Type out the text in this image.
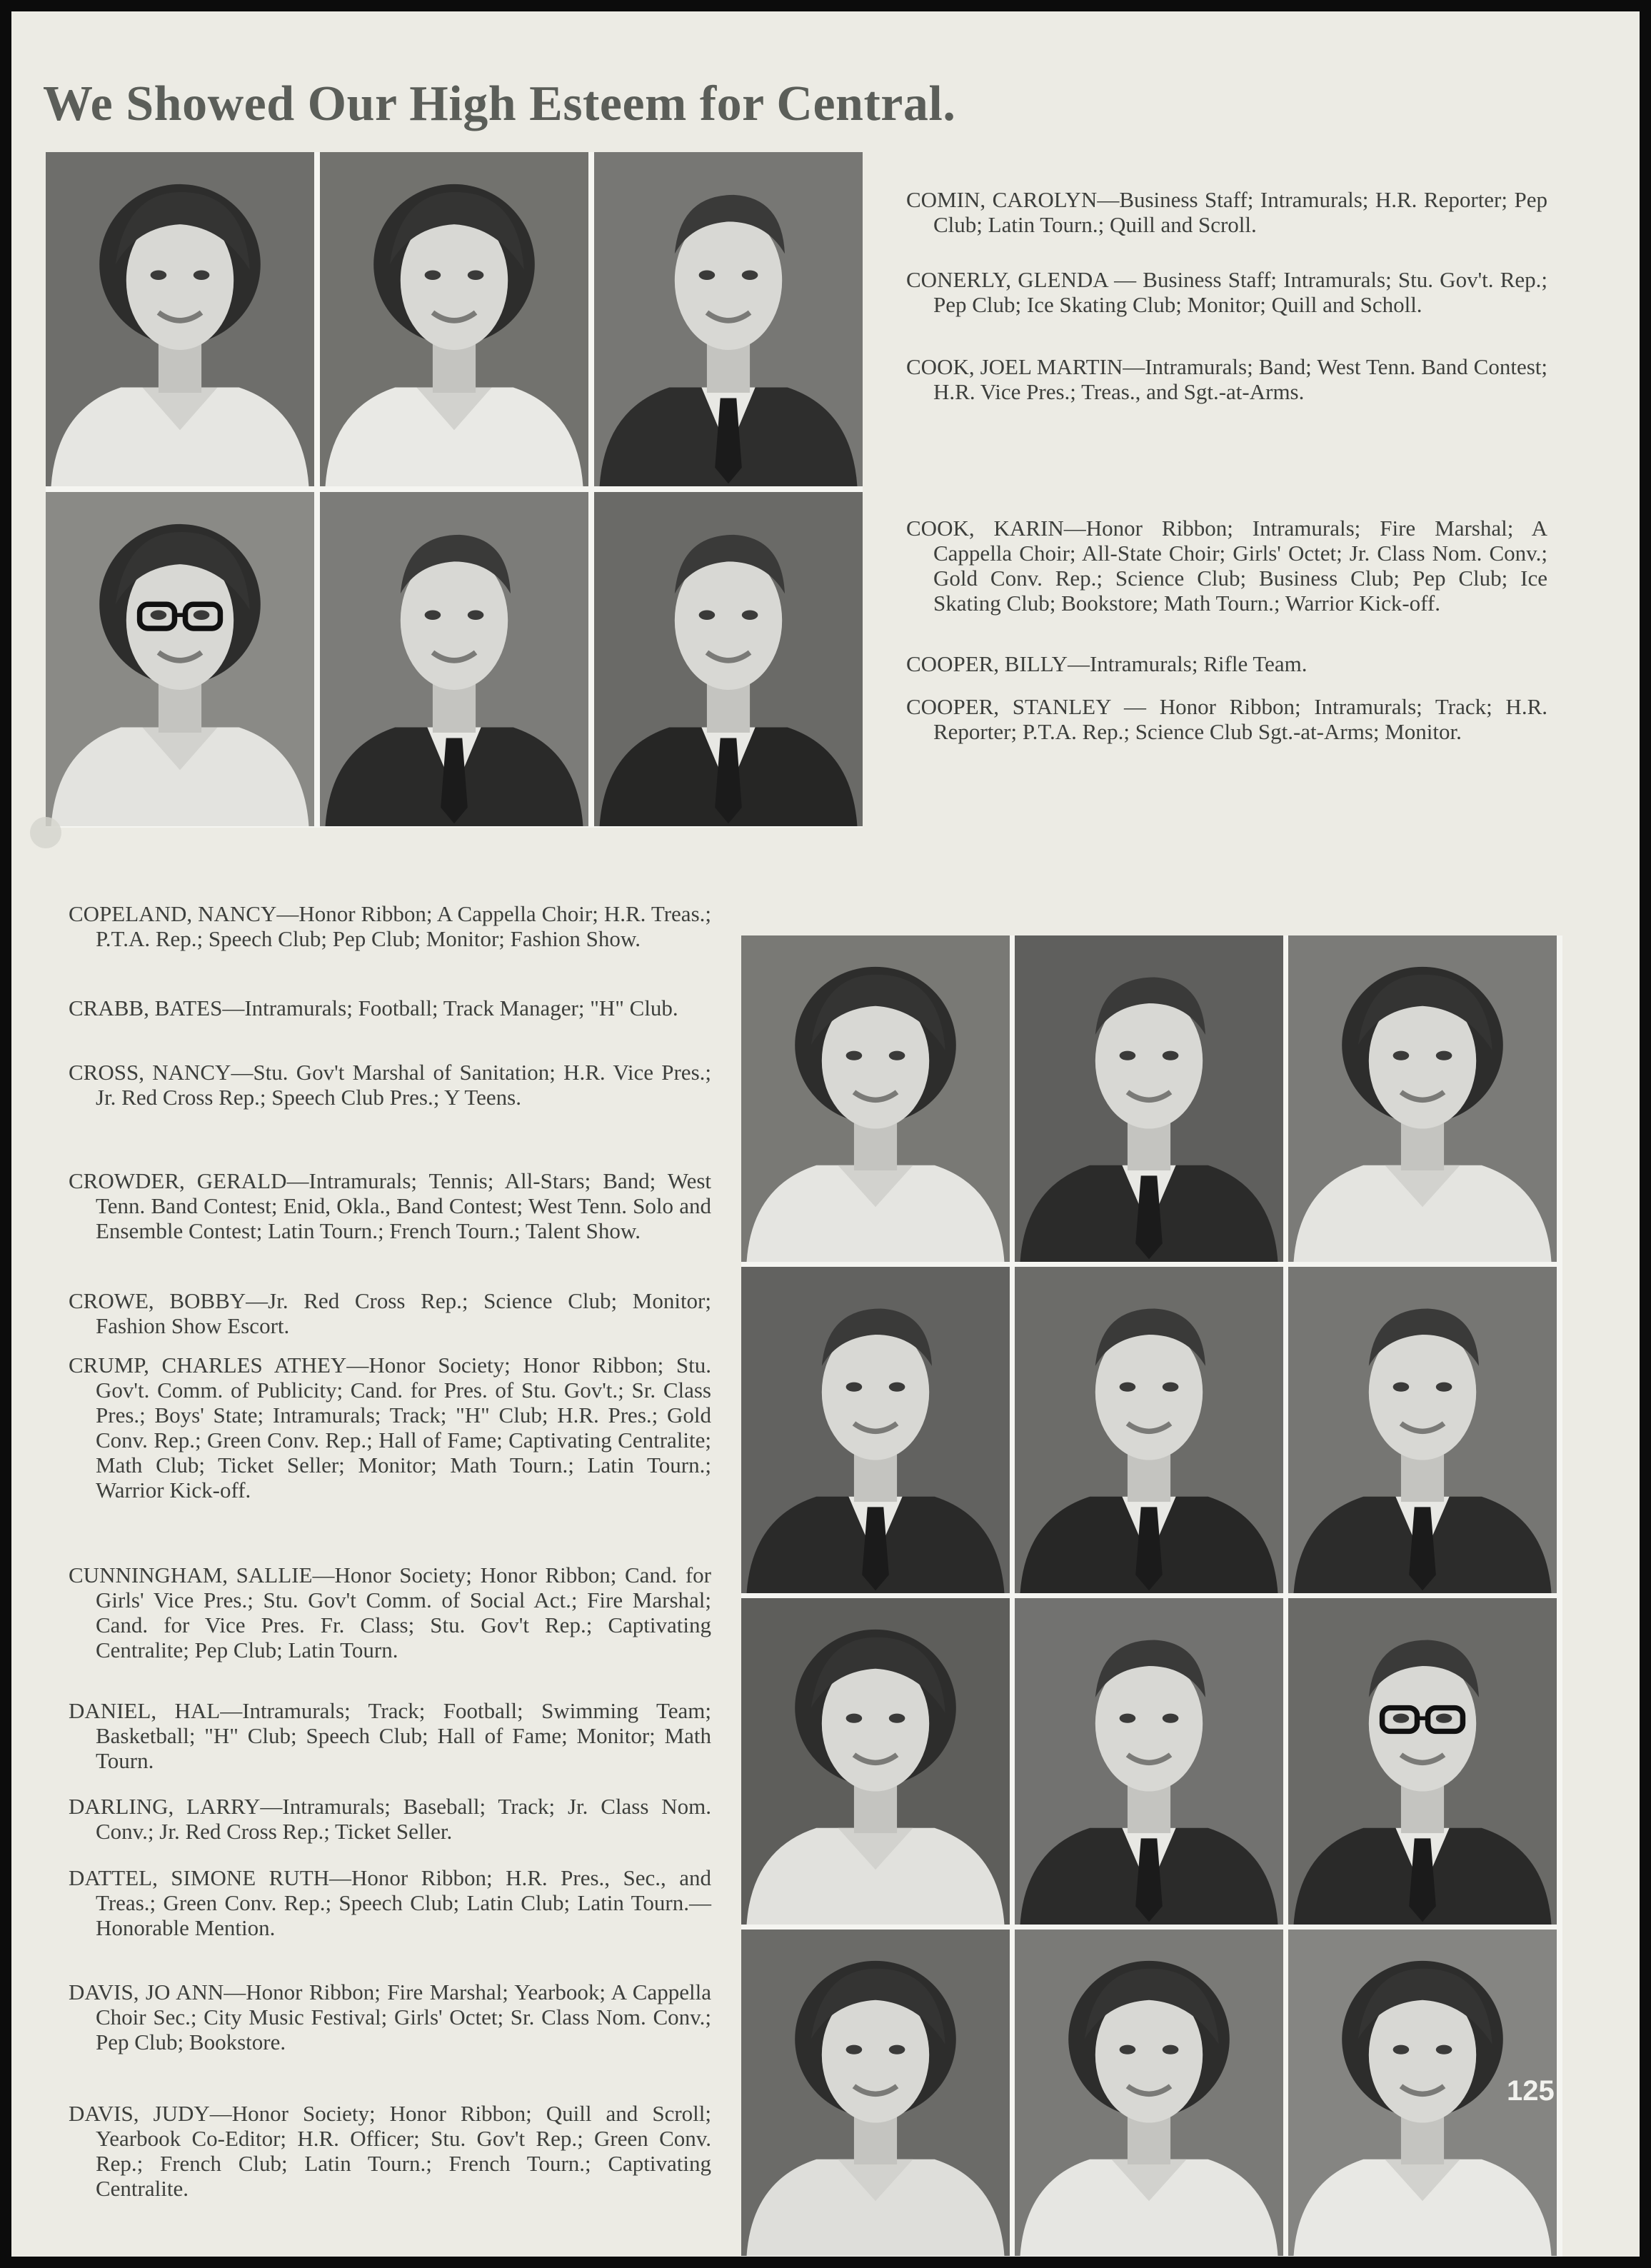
We Showed Our High Esteem for Central.

COMIN, CAROLYN—Business Staff; Intramurals; H.R. Reporter; Pep Club; Latin Tourn.; Quill and Scroll.

CONERLY, GLENDA — Business Staff; Intramurals; Stu. Gov't. Rep.; Pep Club; Ice Skating Club; Monitor; Quill and Scholl.

COOK, JOEL MARTIN—Intramurals; Band; West Tenn. Band Contest; H.R. Vice Pres.; Treas., and Sgt.-at-Arms.

COOK, KARIN—Honor Ribbon; Intramurals; Fire Marshal; A Cappella Choir; All-State Choir; Girls' Octet; Jr. Class Nom. Conv.; Gold Conv. Rep.; Science Club; Business Club; Pep Club; Ice Skating Club; Bookstore; Math Tourn.; Warrior Kick-off.

COOPER, BILLY—Intramurals; Rifle Team.

COOPER, STANLEY — Honor Ribbon; Intramurals; Track; H.R. Reporter; P.T.A. Rep.; Science Club Sgt.-at-Arms; Monitor.

COPELAND, NANCY—Honor Ribbon; A Cappella Choir; H.R. Treas.; P.T.A. Rep.; Speech Club; Pep Club; Monitor; Fashion Show.

CRABB, BATES—Intramurals; Football; Track Manager; "H" Club.

CROSS, NANCY—Stu. Gov't Marshal of Sanitation; H.R. Vice Pres.; Jr. Red Cross Rep.; Speech Club Pres.; Y Teens.

CROWDER, GERALD—Intramurals; Tennis; All-Stars; Band; West Tenn. Band Contest; Enid, Okla., Band Contest; West Tenn. Solo and Ensemble Contest; Latin Tourn.; French Tourn.; Talent Show.

CROWE, BOBBY—Jr. Red Cross Rep.; Science Club; Monitor; Fashion Show Escort.

CRUMP, CHARLES ATHEY—Honor Society; Honor Ribbon; Stu. Gov't. Comm. of Publicity; Cand. for Pres. of Stu. Gov't.; Sr. Class Pres.; Boys' State; Intramurals; Track; "H" Club; H.R. Pres.; Gold Conv. Rep.; Green Conv. Rep.; Hall of Fame; Captivating Centralite; Math Club; Ticket Seller; Monitor; Math Tourn.; Latin Tourn.; Warrior Kick-off.

CUNNINGHAM, SALLIE—Honor Society; Honor Ribbon; Cand. for Girls' Vice Pres.; Stu. Gov't Comm. of Social Act.; Fire Marshal; Cand. for Vice Pres. Fr. Class; Stu. Gov't Rep.; Captivating Centralite; Pep Club; Latin Tourn.

DANIEL, HAL—Intramurals; Track; Football; Swimming Team; Basketball; "H" Club; Speech Club; Hall of Fame; Monitor; Math Tourn.

DARLING, LARRY—Intramurals; Baseball; Track; Jr. Class Nom. Conv.; Jr. Red Cross Rep.; Ticket Seller.

DATTEL, SIMONE RUTH—Honor Ribbon; H.R. Pres., Sec., and Treas.; Green Conv. Rep.; Speech Club; Latin Club; Latin Tourn.—Honorable Mention.

DAVIS, JO ANN—Honor Ribbon; Fire Marshal; Yearbook; A Cappella Choir Sec.; City Music Festival; Girls' Octet; Sr. Class Nom. Conv.; Pep Club; Bookstore.

DAVIS, JUDY—Honor Society; Honor Ribbon; Quill and Scroll; Yearbook Co-Editor; H.R. Officer; Stu. Gov't Rep.; Green Conv. Rep.; French Club; Latin Tourn.; French Tourn.; Captivating Centralite.

125
